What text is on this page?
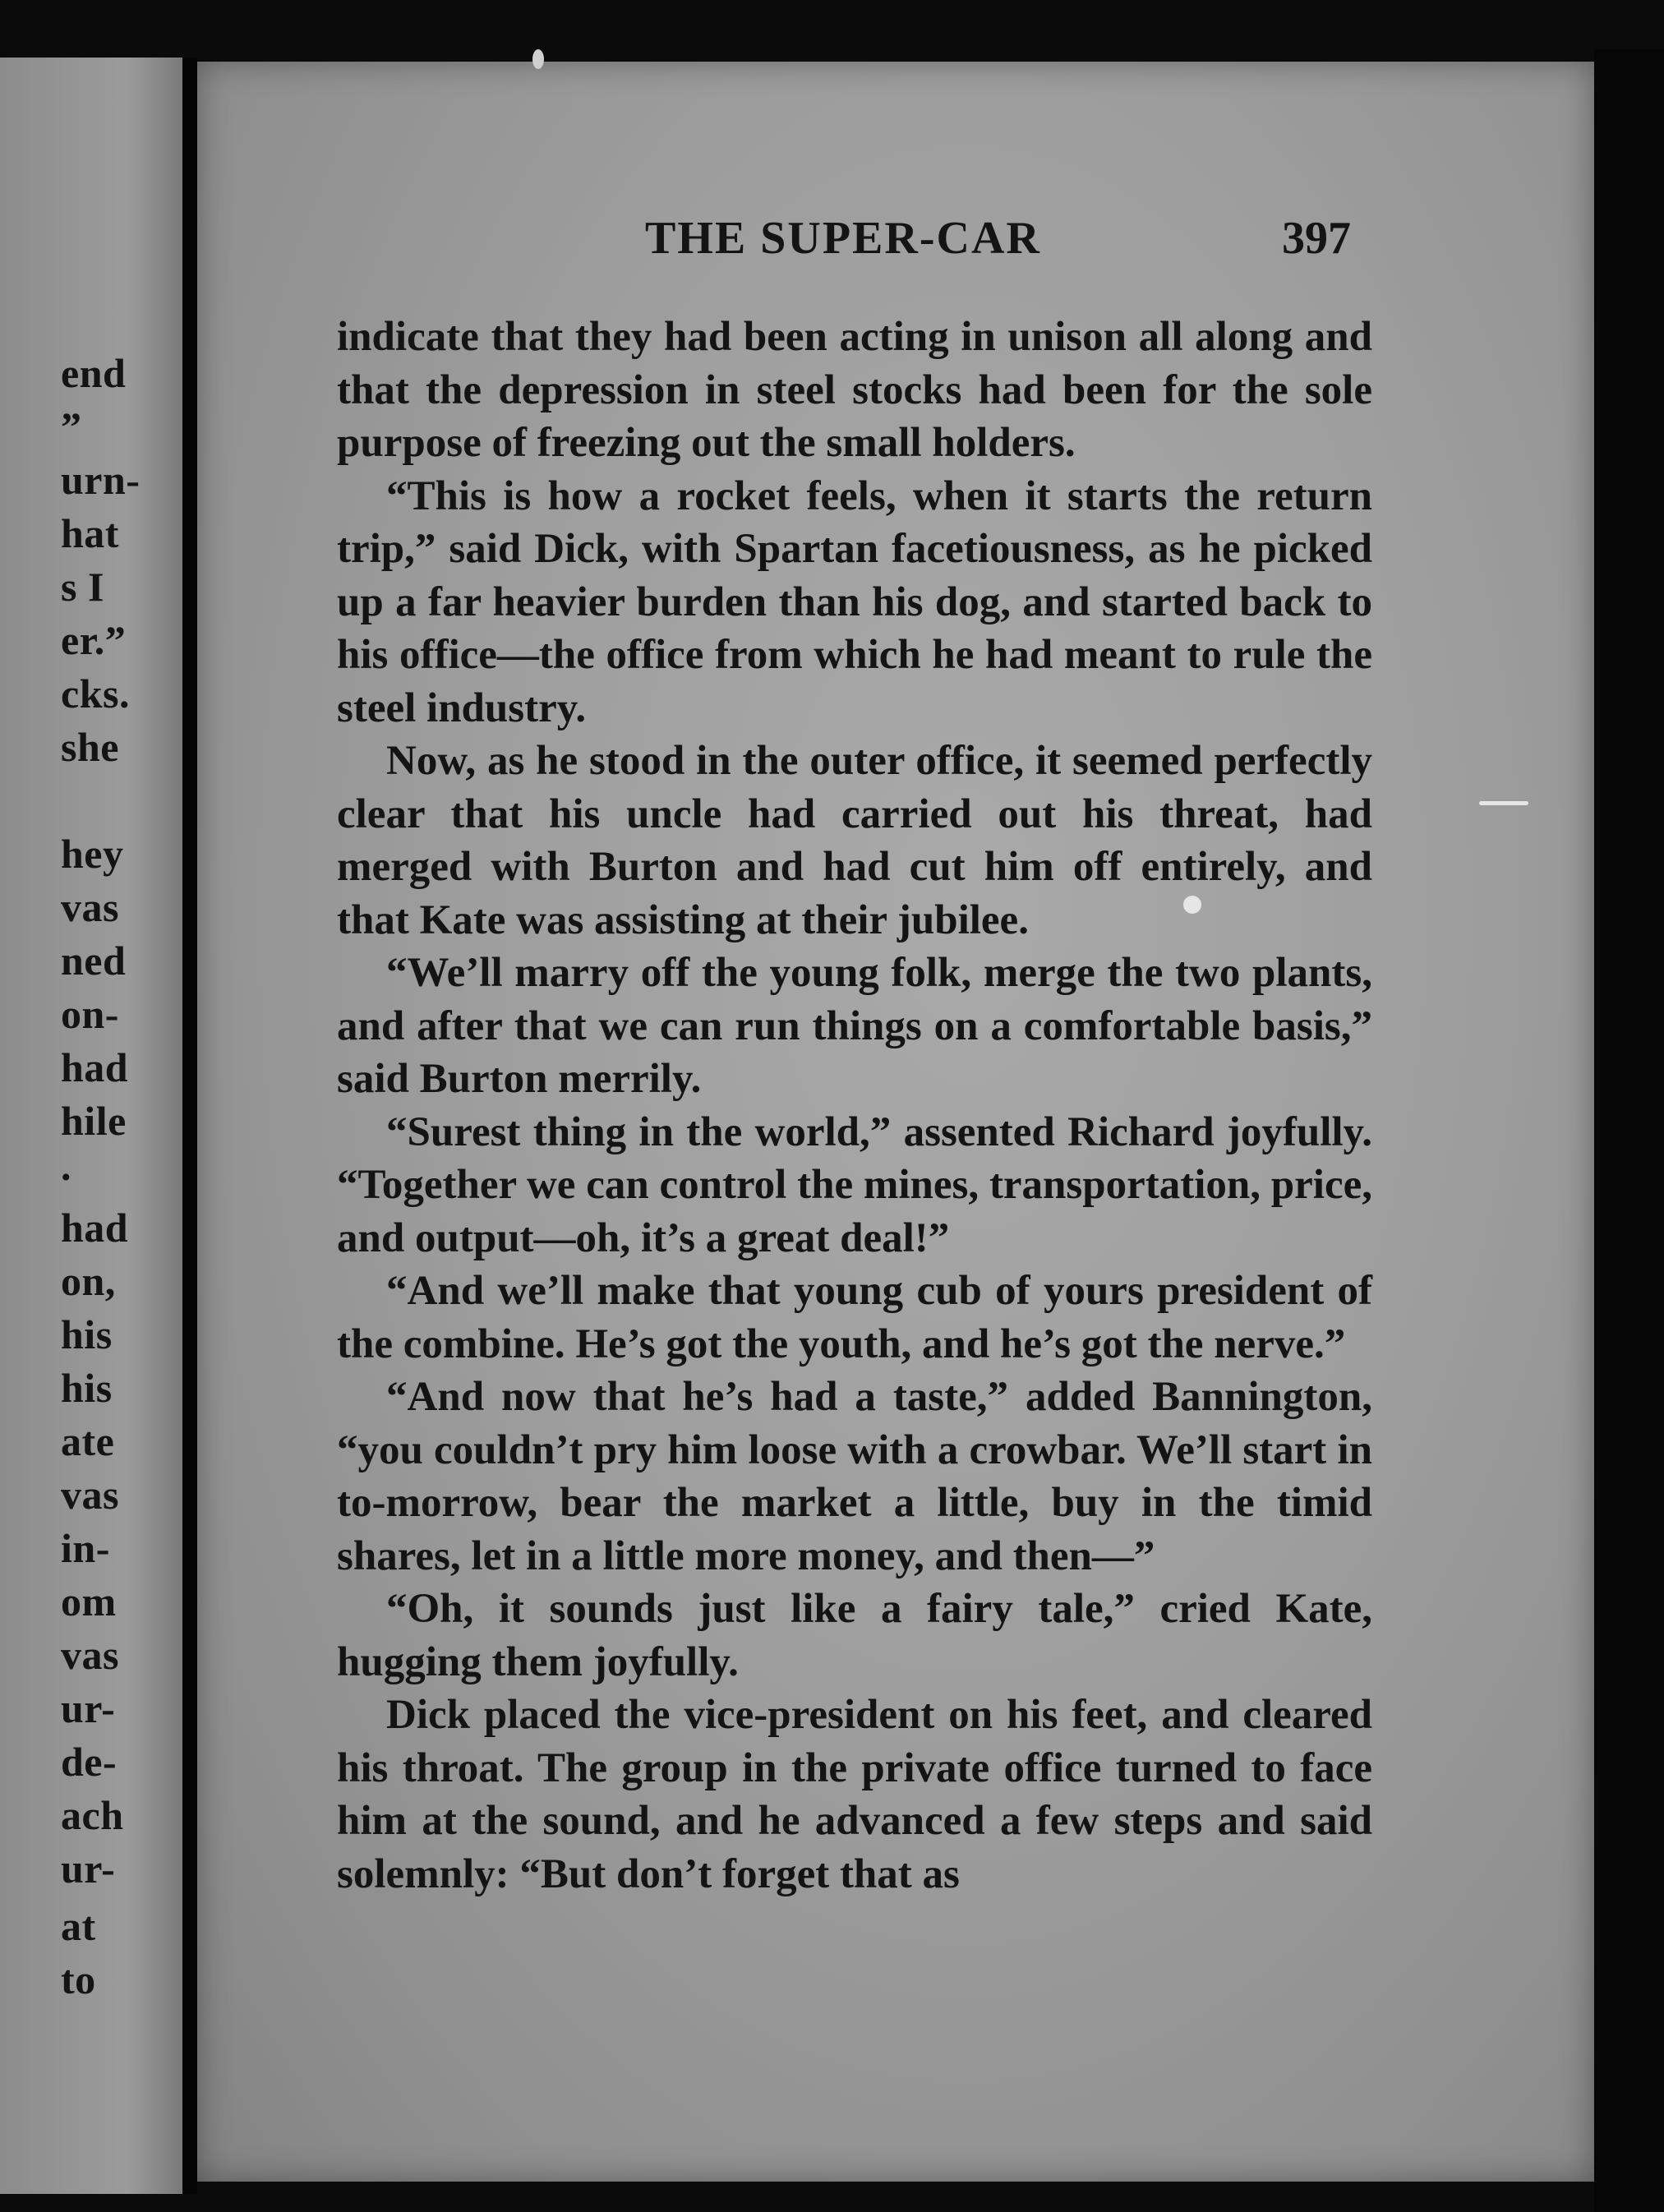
end
”
urn-
hat
s I
er.”
cks.
she
hey
vas
ned
on-
had
hile
.
had
on,
his
his
ate
vas
in-
om
vas
ur-
de-
ach
ur-
at
to
THE SUPER-CAR	397

indicate that they had been acting in unison all along and that the depression in steel stocks had been for the sole purpose of freezing out the small holders.

“This is how a rocket feels, when it starts the return trip,” said Dick, with Spartan facetiousness, as he picked up a far heavier burden than his dog, and started back to his office—the office from which he had meant to rule the steel industry.

Now, as he stood in the outer office, it seemed perfectly clear that his uncle had carried out his threat, had merged with Burton and had cut him off entirely, and that Kate was assisting at their jubilee.

“We’ll marry off the young folk, merge the two plants, and after that we can run things on a comfortable basis,” said Burton merrily.

“Surest thing in the world,” assented Richard joyfully. “Together we can control the mines, transportation, price, and output—oh, it’s a great deal!”

“And we’ll make that young cub of yours president of the combine. He’s got the youth, and he’s got the nerve.”

“And now that he’s had a taste,” added Bannington, “you couldn’t pry him loose with a crowbar. We’ll start in to-morrow, bear the market a little, buy in the timid shares, let in a little more money, and then—”

“Oh, it sounds just like a fairy tale,” cried Kate, hugging them joyfully.

Dick placed the vice-president on his feet, and cleared his throat. The group in the private office turned to face him at the sound, and he advanced a few steps and said solemnly: “But don’t forget that as
